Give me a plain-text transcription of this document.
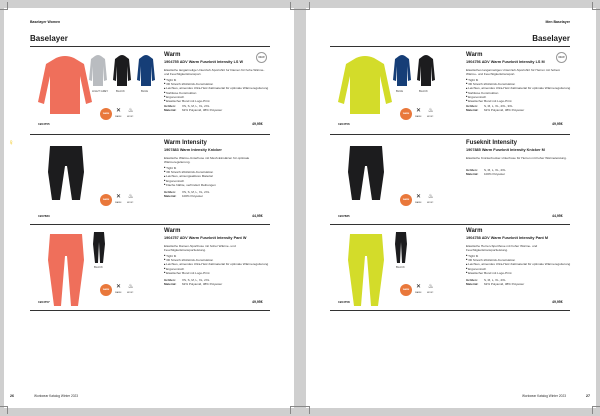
Baselayer Women
Baselayer
LIGHT GREY	BLACK	BLUE
WARM	✕ ♨
WARM	MOIST.
1904755	49,95€
Warm
1904755 ADV Warm Fuseknit Intensity LS W
NEW
Elastische langarmelige Unterzieh-Sportshirt fur Damen für hohe Wärme- und Feuchtigkeitstransport.
■ Tight fit
■ 3D Stretch-Wollstrick-Konstruktion
■ Leichtes, atmendes Ultra-Heiz-Kaltmaterial für optimale Wärmeregulierung
■ Nahtlose Konstruktion
■ Ergonomisch
■ Elastischer Bund mit Logo-Print
Größen: XS, S, M, L, XL, 2XL
Material: 62% Polyamid, 38% Polyester
♀
WARM	✕ ♨
WARM	MOIST.
1907883	44,95€
Warm Intensity
1907883 Warm Intensity Knicker
Elastische Wärme-Unterhose mit Mesh-Einsätzen für optimale Wärmeregulierung.
■ Tight fit
■ 3D Stretch-Wollstrick-Konstruktion
■ Leichtes, atmungsaktives Material
■ Ergonomisch
■ Flache Nähte, verhindert Reibungen
Größen: XS, S, M, L, XL, 2XL
Material: 100% Polyester
BLACK
WARM	✕ ♨
WARM	MOIST.
1904757	49,95€
Warm
1904757 ADV Warm Fuseknit Intensity Pant W
Elastische Damen-Sporthose mit hoher Wärme- und Feuchtigkeitstransportleistung.
■ Tight fit
■ 3D Stretch-Wollstrick-Konstruktion
■ Leichtes, atmendes Ultra-Heiz-Kaltmaterial für optimale Wärmeregulierung
■ Ergonomisch
■ Elastischer Bund mit Logo-Print
Größen: XS, S, M, L, XL, 2XL
Material: 62% Polyamid, 38% Polyester
26	Workwear Katalog Winter 2023
Men Baselayer
Baselayer
BLUE	BLACK
WARM	✕ ♨
WARM	MOIST.
1904756	49,95€
Warm
1904756 ADV Warm Fuseknit Intensity LS M
NEW
Elastisches langarmeliges Unterzieh-Sportshirt für Herren mit hohem Wärme- und Feuchtigkeitstransport.
■ Tight fit
■ 3D Stretch-Wollstrick-Konstruktion
■ Leichtes, atmendes Ultra-Heiz-Kaltmaterial für optimale Wärmeregulierung
■ Nahtlose Konstruktion
■ Ergonomisch
■ Elastischer Bund mit Logo-Print
Größen: S, M, L, XL, 2XL, 3XL
Material: 62% Polyamid, 38% Polyester
WARM	✕ ♨
WARM	MOIST.
1907885	44,95€
Fuseknit Intensity
1907885 Warm Fuseknit Intensity Knicker M
Elastische Knickerbocker-Unterhose für Herren mit hoher Wärmeleistung.
Größen: S, M, L, XL, 2XL
Material: 100% Polyester
BLACK
WARM	✕ ♨
WARM	MOIST.
1904758	49,95€
Warm
1904758 ADV Warm Fuseknit Intensity Pant M
Elastische Herren-Sporthose mit hoher Wärme- und Feuchtigkeitstransportleistung.
■ Tight fit
■ 3D Stretch-Wollstrick-Konstruktion
■ Leichtes, atmendes Ultra-Heiz-Kaltmaterial für optimale Wärmeregulierung
■ Ergonomisch
■ Elastischer Bund mit Logo-Print
Größen: S, M, L, XL, 2XL
Material: 62% Polyamid, 38% Polyester
Workwear Katalog Winter 2023	27
